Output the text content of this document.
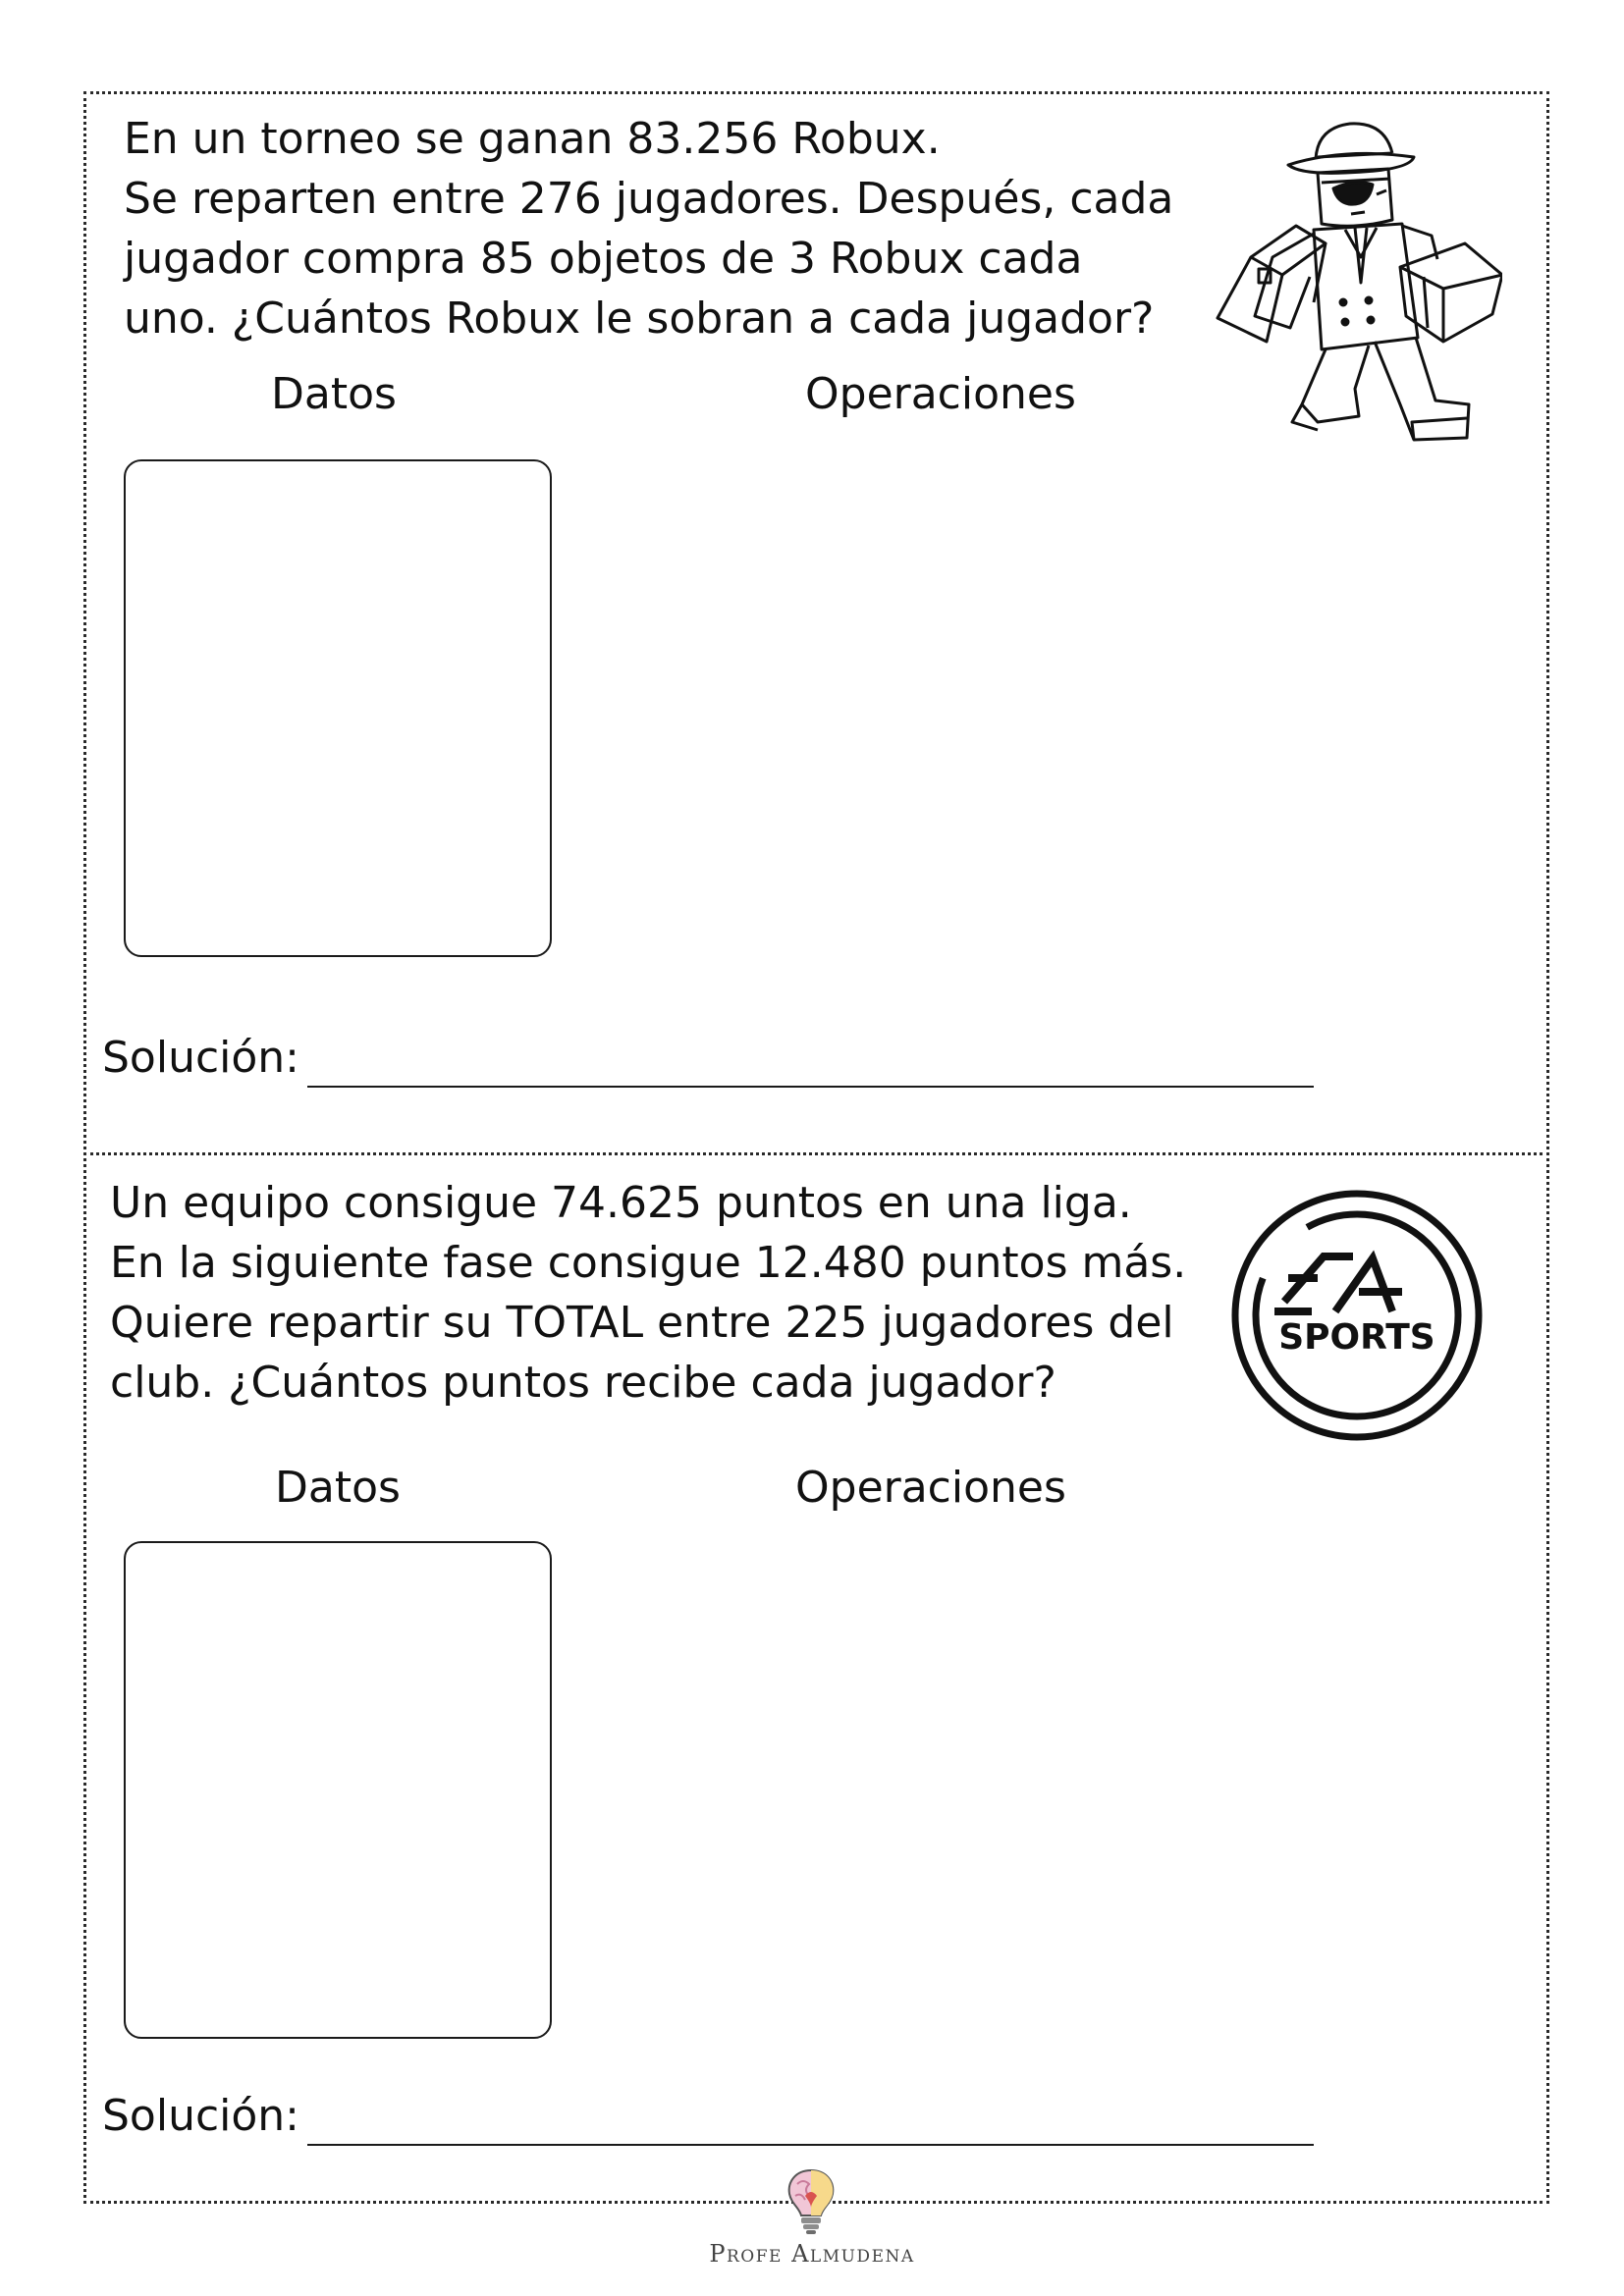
En un torneo se ganan 83.256 Robux.
Se reparten entre 276 jugadores. Después, cada
jugador compra 85 objetos de 3 Robux cada
uno. ¿Cuántos Robux le sobran a cada jugador?

Datos	Operaciones
Solución:

Un equipo consigue 74.625 puntos en una liga.
En la siguiente fase consigue 12.480 puntos más.
Quiere repartir su TOTAL entre 225 jugadores del
club. ¿Cuántos puntos recibe cada jugador?

SPORTS
Datos	Operaciones
Solución:
Profe Almudena
